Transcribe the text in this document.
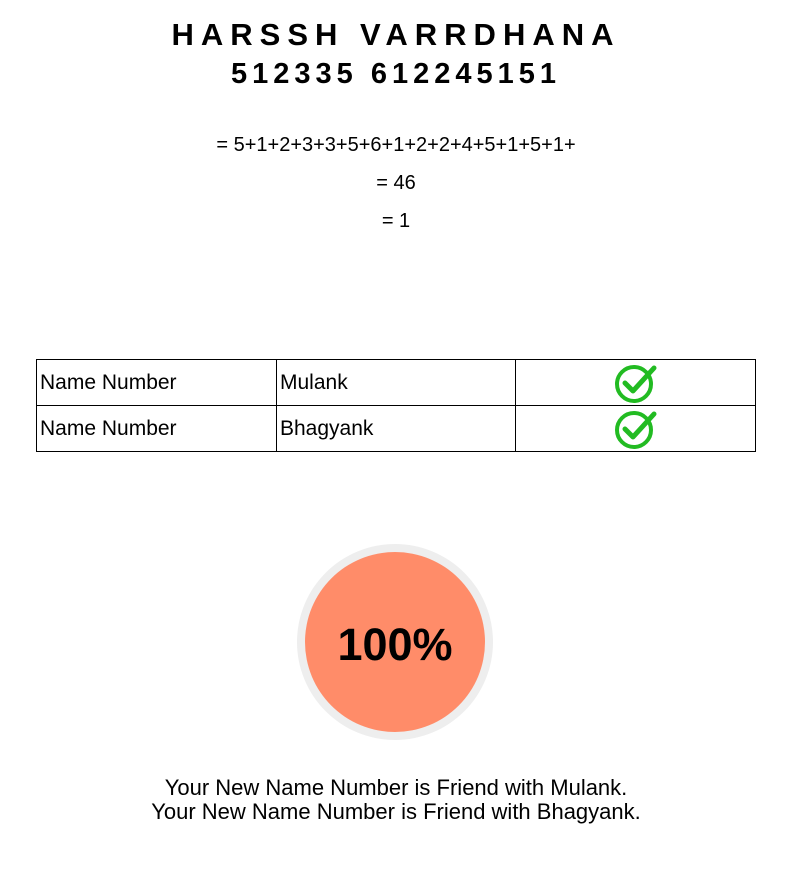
HARSSH VARRDHANA
512335 612245151
= 5+1+2+3+3+5+6+1+2+2+4+5+1+5+1+
= 46
= 1
Name Number	Mulank	
Name Number	Bhagyank	
100%
Your New Name Number is Friend with Mulank.
Your New Name Number is Friend with Bhagyank.
